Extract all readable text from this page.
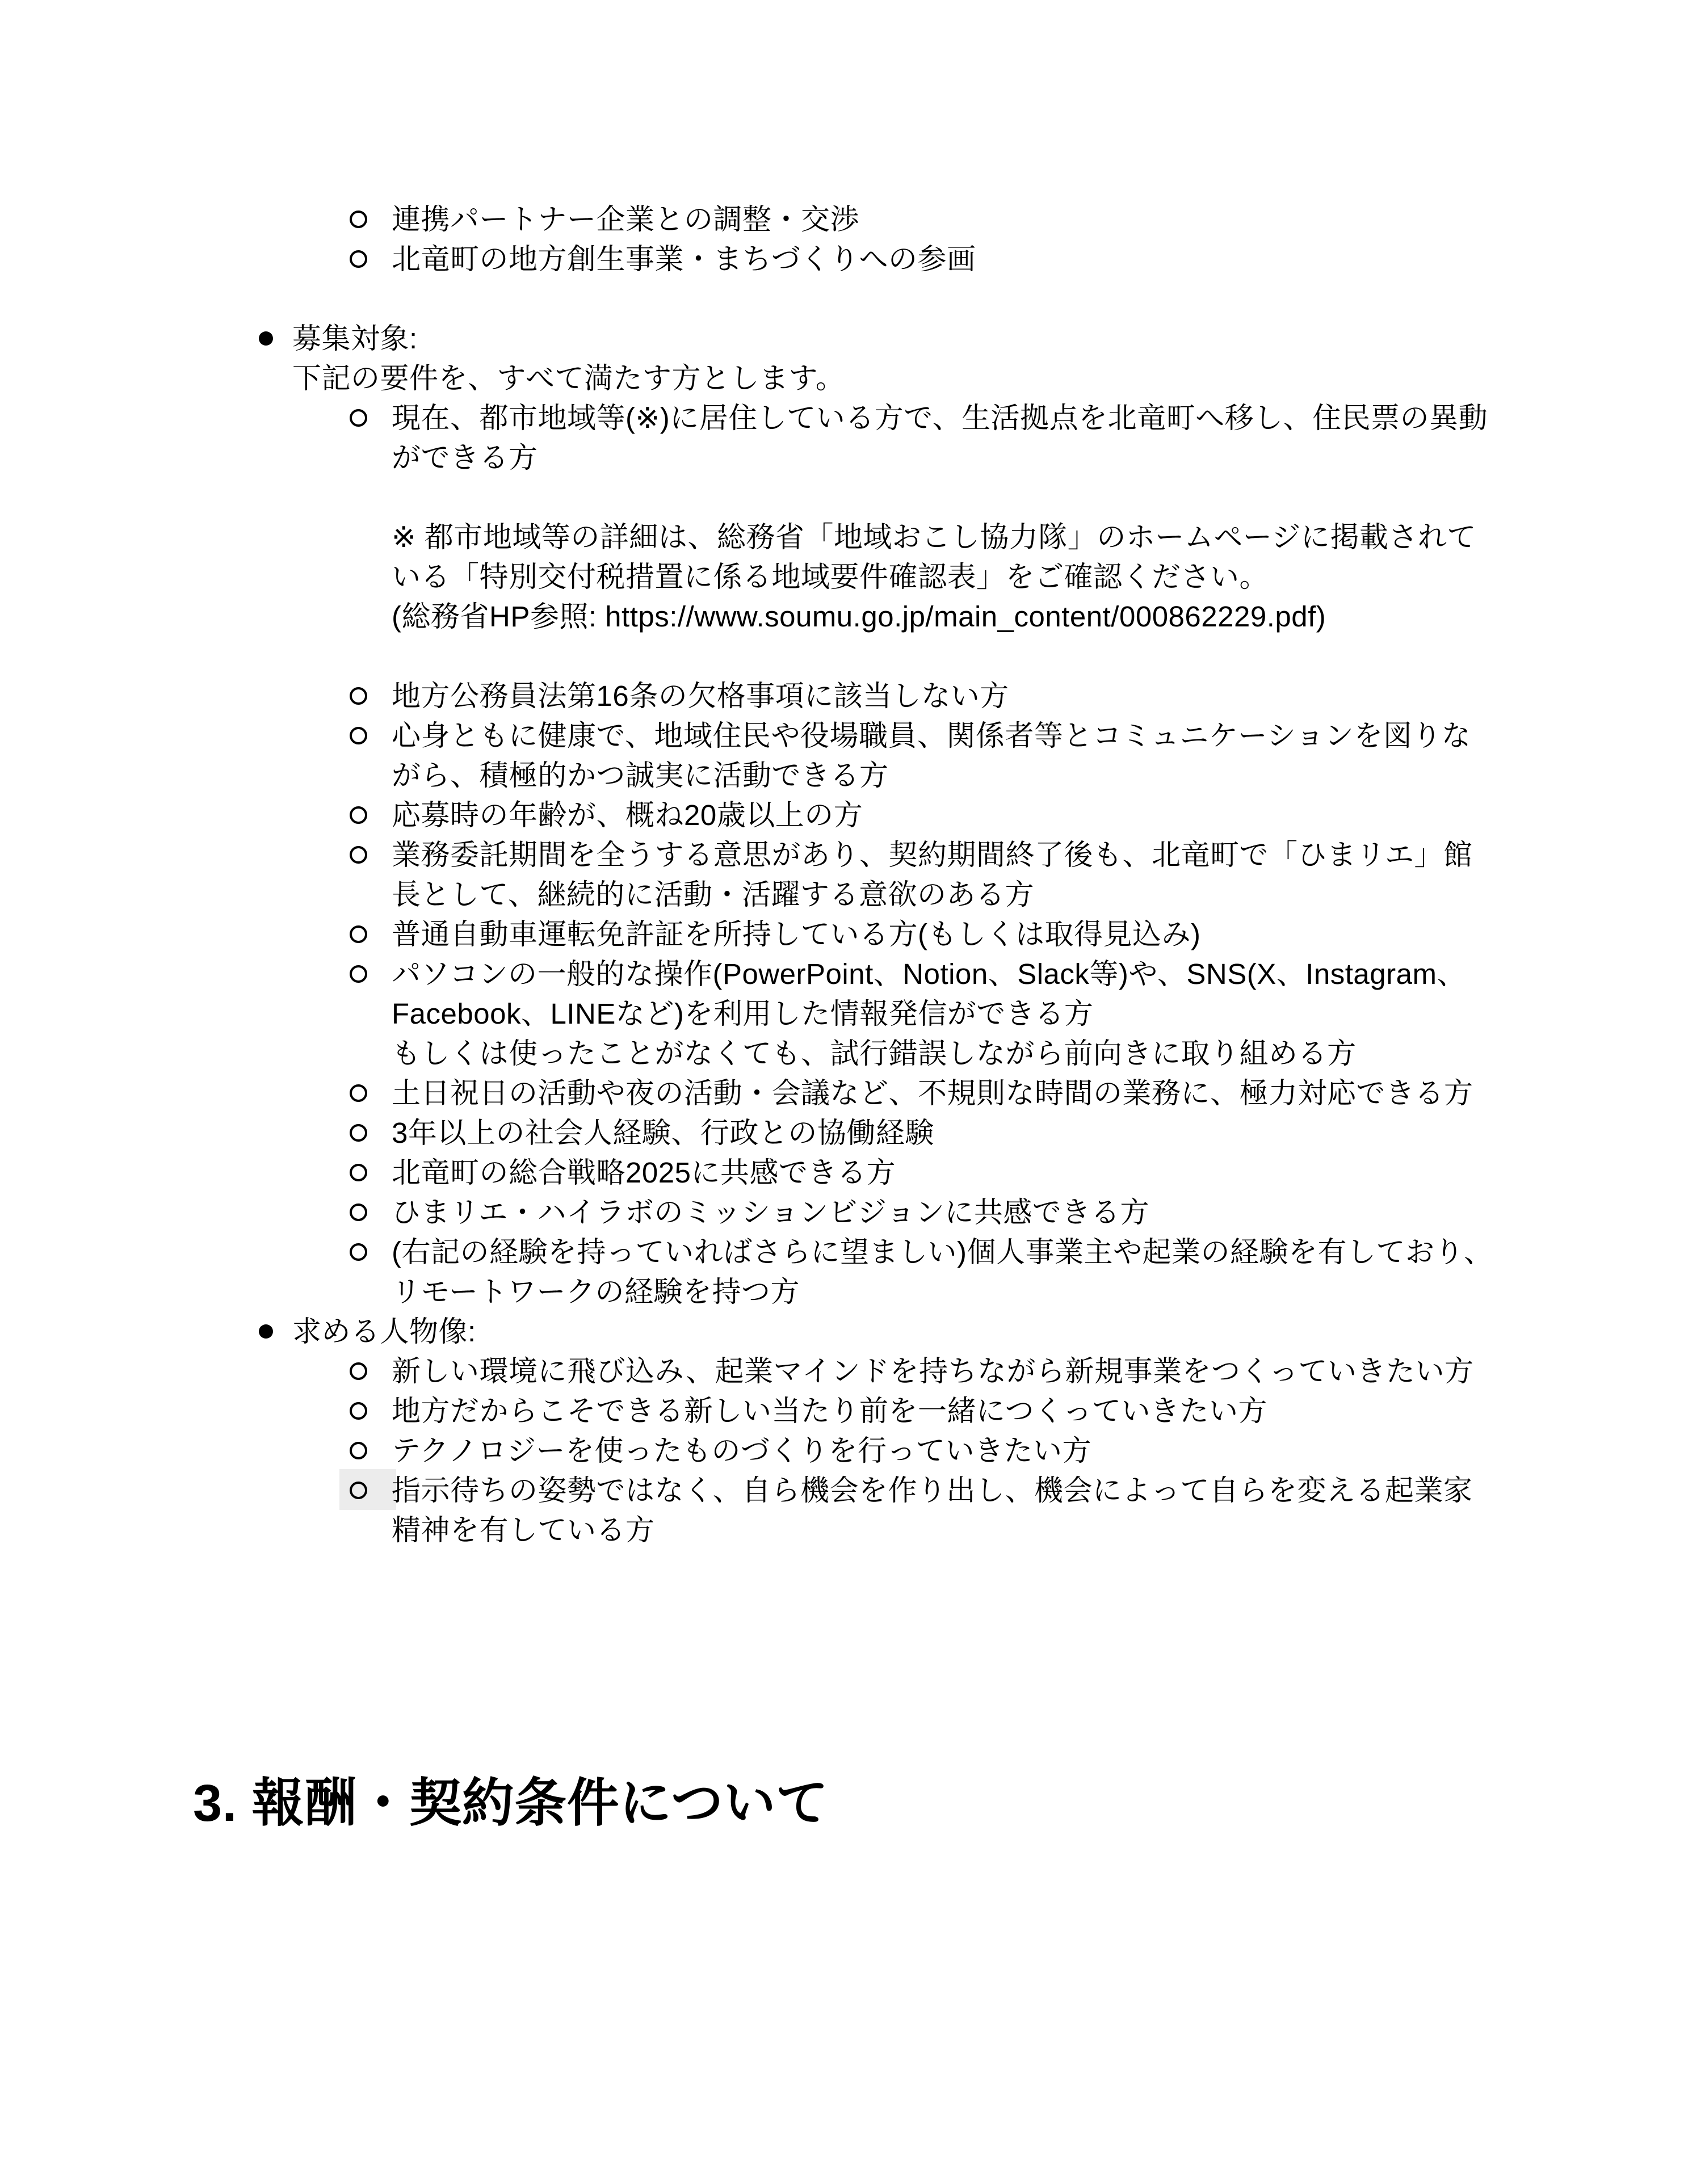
連携パートナー企業との調整・交渉
北竜町の地方創生事業・まちづくりへの参画
募集対象:
下記の要件を、すべて満たす方とします。
現在、都市地域等(※)に居住している方で、生活拠点を北竜町へ移し、住民票の異動ができる方
※ 都市地域等の詳細は、総務省「地域おこし協力隊」のホームページに掲載されている「特別交付税措置に係る地域要件確認表」をご確認ください。
(総務省HP参照: https://www.soumu.go.jp/main_content/000862229.pdf)
地方公務員法第16条の欠格事項に該当しない方
心身ともに健康で、地域住民や役場職員、関係者等とコミュニケーションを図りながら、積極的かつ誠実に活動できる方
応募時の年齢が、概ね20歳以上の方
業務委託期間を全うする意思があり、契約期間終了後も、北竜町で「ひまリエ」館長として、継続的に活動・活躍する意欲のある方
普通自動車運転免許証を所持している方(もしくは取得見込み)
パソコンの一般的な操作(PowerPoint、Notion、Slack等)や、SNS(X、Instagram、Facebook、LINEなど)を利用した情報発信ができる方
もしくは使ったことがなくても、試行錯誤しながら前向きに取り組める方
土日祝日の活動や夜の活動・会議など、不規則な時間の業務に、極力対応できる方
3年以上の社会人経験、行政との協働経験
北竜町の総合戦略2025に共感できる方
ひまリエ・ハイラボのミッションビジョンに共感できる方
(右記の経験を持っていればさらに望ましい)個人事業主や起業の経験を有しており、リモートワークの経験を持つ方
求める人物像:
新しい環境に飛び込み、起業マインドを持ちながら新規事業をつくっていきたい方
地方だからこそできる新しい当たり前を一緒につくっていきたい方
テクノロジーを使ったものづくりを行っていきたい方
指示待ちの姿勢ではなく、自ら機会を作り出し、機会によって自らを変える起業家精神を有している方
3. 報酬・契約条件について
